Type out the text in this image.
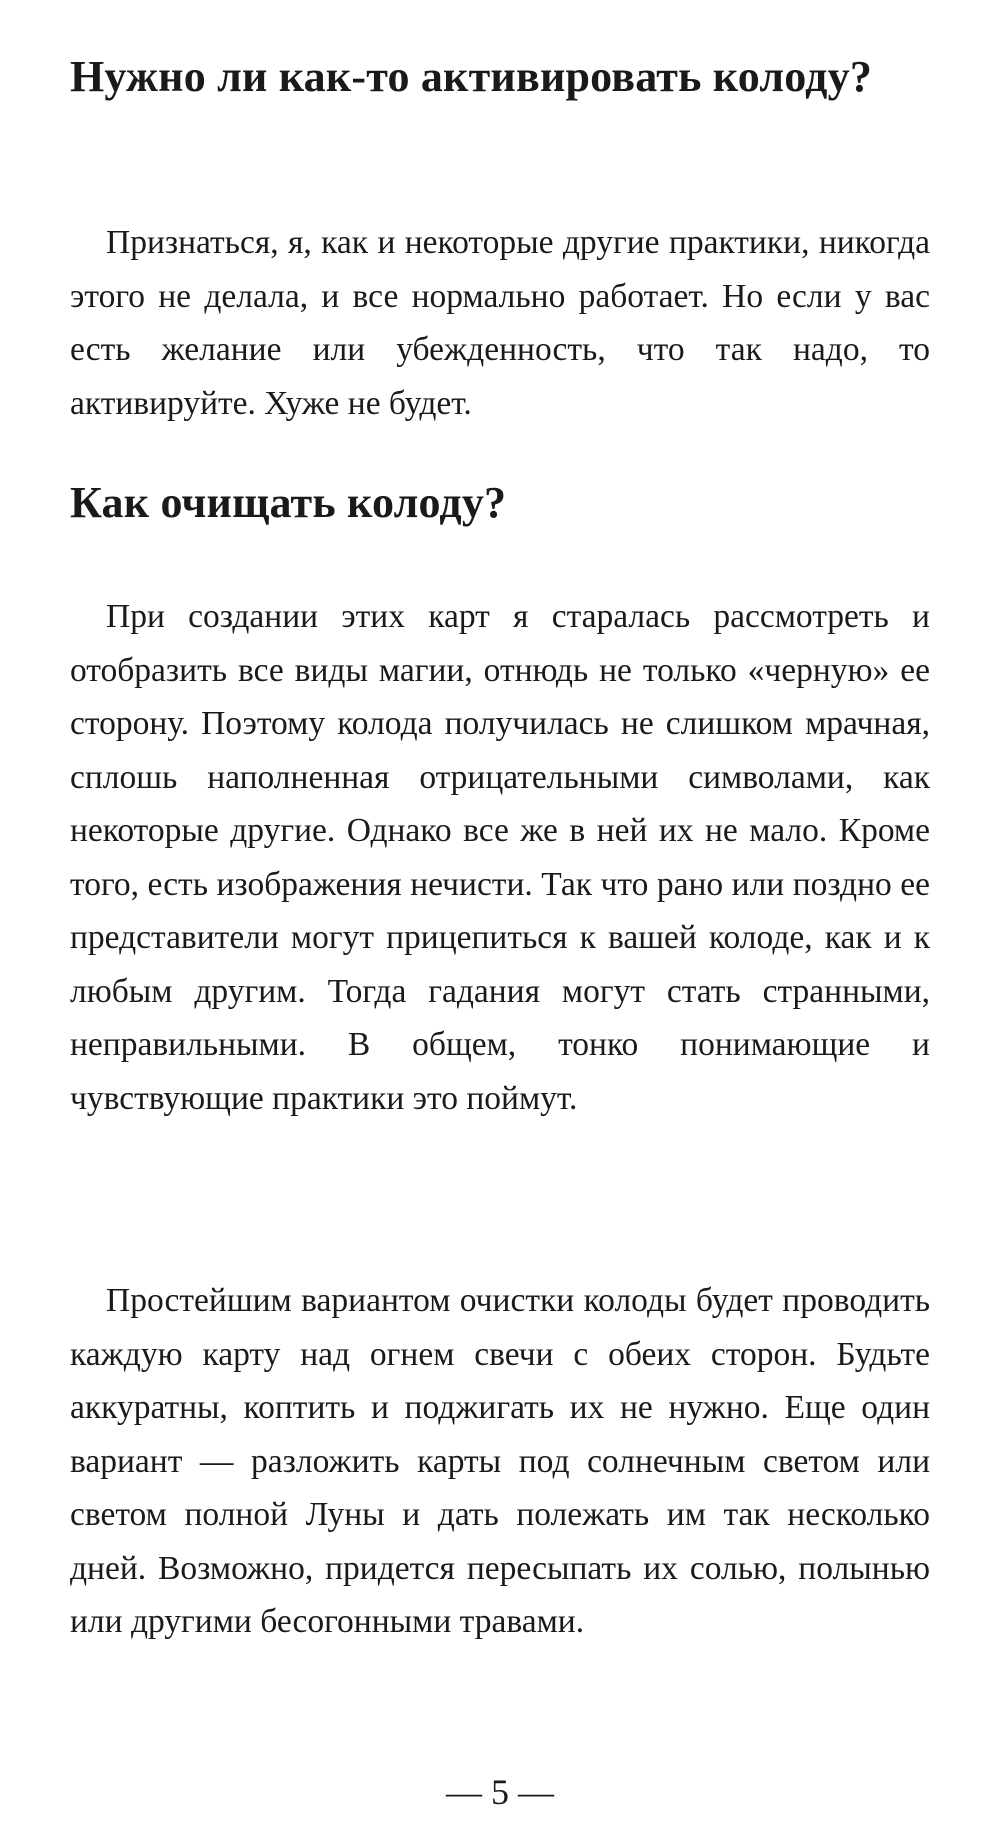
Нужно ли как-то активировать колоду?

Признаться, я, как и некоторые другие практики, никогда этого не делала, и все нормально работает. Но если у вас есть желание или убежденность, что так надо, то активируйте. Хуже не будет.

Как очищать колоду?

При создании этих карт я старалась рассмотреть и отобразить все виды магии, отнюдь не только «черную» ее сторону. Поэтому колода получилась не слишком мрачная, сплошь наполненная отрицательными символами, как некоторые другие. Однако все же в ней их не мало. Кроме того, есть изображения нечисти. Так что рано или поздно ее представители могут прицепиться к вашей колоде, как и к любым другим. Тогда гадания могут стать странными, неправильными. В общем, тонко понимающие и чувствующие практики это поймут.

Простейшим вариантом очистки колоды будет проводить каждую карту над огнем свечи с обеих сторон. Будьте аккуратны, коптить и поджигать их не нужно. Еще один вариант — разложить карты под солнечным светом или светом полной Луны и дать полежать им так несколько дней. Возможно, придется пересыпать их солью, полынью или другими бесогонными травами.

— 5 —
